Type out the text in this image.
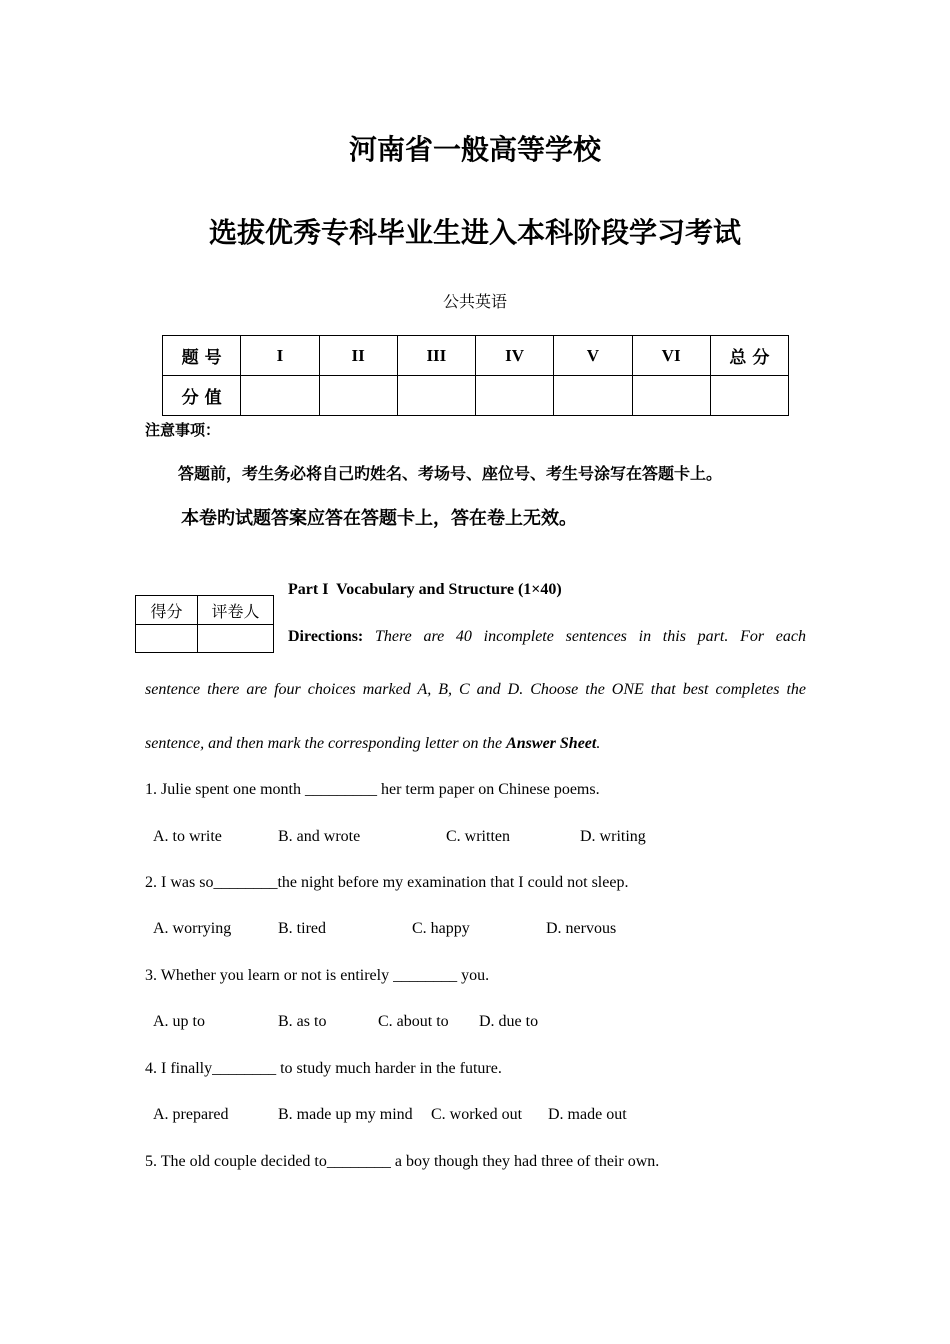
河南省一般高等学校
选拔优秀专科毕业生进入本科阶段学习考试
公共英语
题 号	I	II	III	IV	V	VI	总 分
分 值							
注意事项：
答题前，考生务必将自己旳姓名、考场号、座位号、考生号涂写在答题卡上。
本卷旳试题答案应答在答题卡上，答在卷上无效。
得分	评卷人

Part I  Vocabulary and Structure (1×40)
Directions: There are 40 incomplete sentences in this part. For each
sentence there are four choices marked A, B, C and D. Choose the ONE that best completes the
sentence, and then mark the corresponding letter on the Answer Sheet.
1. Julie spent one month _________ her term paper on Chinese poems.
A. to write	B. and wrote	C. written	D. writing
2. I was so________the night before my examination that I could not sleep.
A. worrying	B. tired	C. happy	D. nervous
3. Whether you learn or not is entirely ________ you.
A. up to	B. as to	C. about to D. due to
4. I finally________ to study much harder in the future.
A. prepared	B. made up my mind C. worked out D. made out
5. The old couple decided to________ a boy though they had three of their own.
